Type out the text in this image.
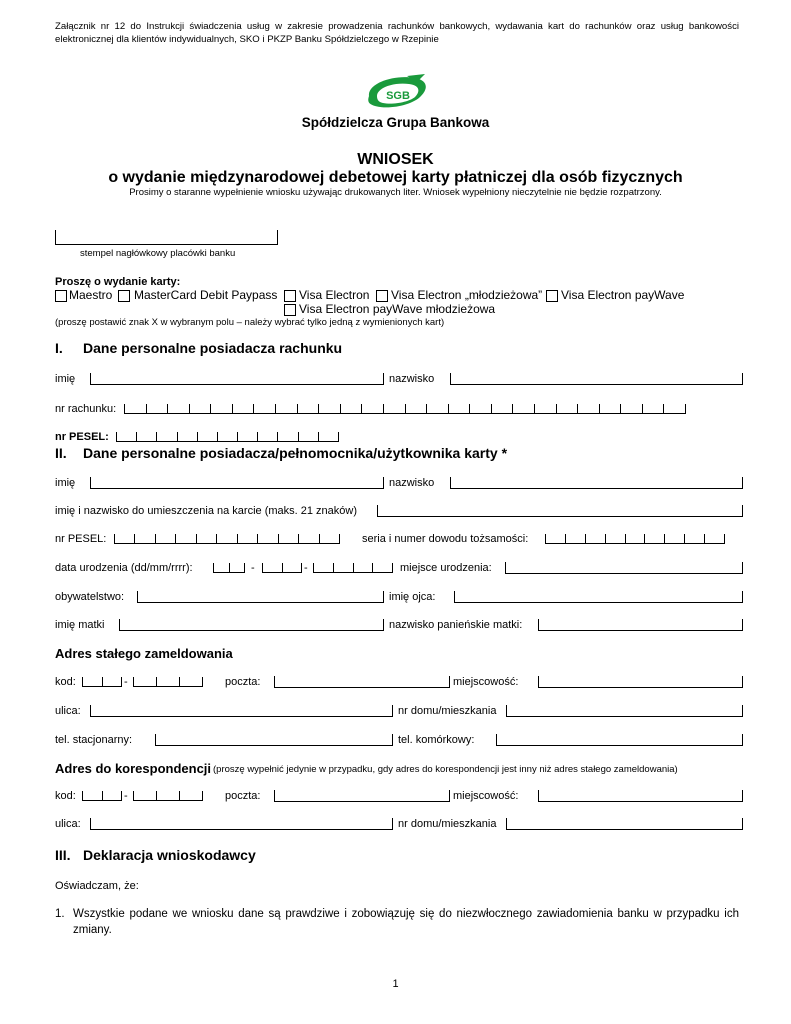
Załącznik nr 12 do Instrukcji świadczenia usług w zakresie prowadzenia rachunków bankowych, wydawania kart do rachunków oraz usług bankowości
elektronicznej dla klientów indywidualnych, SKO i PKZP Banku Spółdzielczego w Rzepinie
SGB
Spółdzielcza Grupa Bankowa
WNIOSEK
o wydanie międzynarodowej debetowej karty płatniczej dla osób fizycznych
Prosimy o staranne wypełnienie wniosku używając drukowanych liter. Wniosek wypełniony nieczytelnie nie będzie rozpatrzony.
stempel nagłówkowy placówki banku
Proszę o wydanie karty:
Maestro MasterCard Debit Paypass Visa Electron Visa Electron „młodzieżowa” Visa Electron payWave
Visa Electron payWave młodzieżowa
(proszę postawić znak X w wybranym polu – należy wybrać tylko jedną z wymienionych kart)
I. Dane personalne posiadacza rachunku
imię	nazwisko
nr rachunku:
nr PESEL:
II. Dane personalne posiadacza/pełnomocnika/użytkownika karty *
imię	nazwisko
imię i nazwisko do umieszczenia na karcie (maks. 21 znaków)
nr PESEL:	seria i numer dowodu tożsamości:
data urodzenia (dd/mm/rrrr):	-	-	miejsce urodzenia:
obywatelstwo:	imię ojca:
imię matki	nazwisko panieńskie matki:
Adres stałego zameldowania
kod:	-	poczta:	miejscowość:
ulica:	nr domu/mieszkania
tel. stacjonarny:	tel. komórkowy:
Adres do korespondencji (proszę wypełnić jedynie w przypadku, gdy adres do korespondencji jest inny niż adres stałego zameldowania)
kod:	-	poczta:	miejscowość:
ulica:	nr domu/mieszkania
III. Deklaracja wnioskodawcy
Oświadczam, że:
1. Wszystkie podane we wniosku dane są prawdziwe i zobowiązuję się do niezwłocznego zawiadomienia banku w przypadku ich zmiany.
1
